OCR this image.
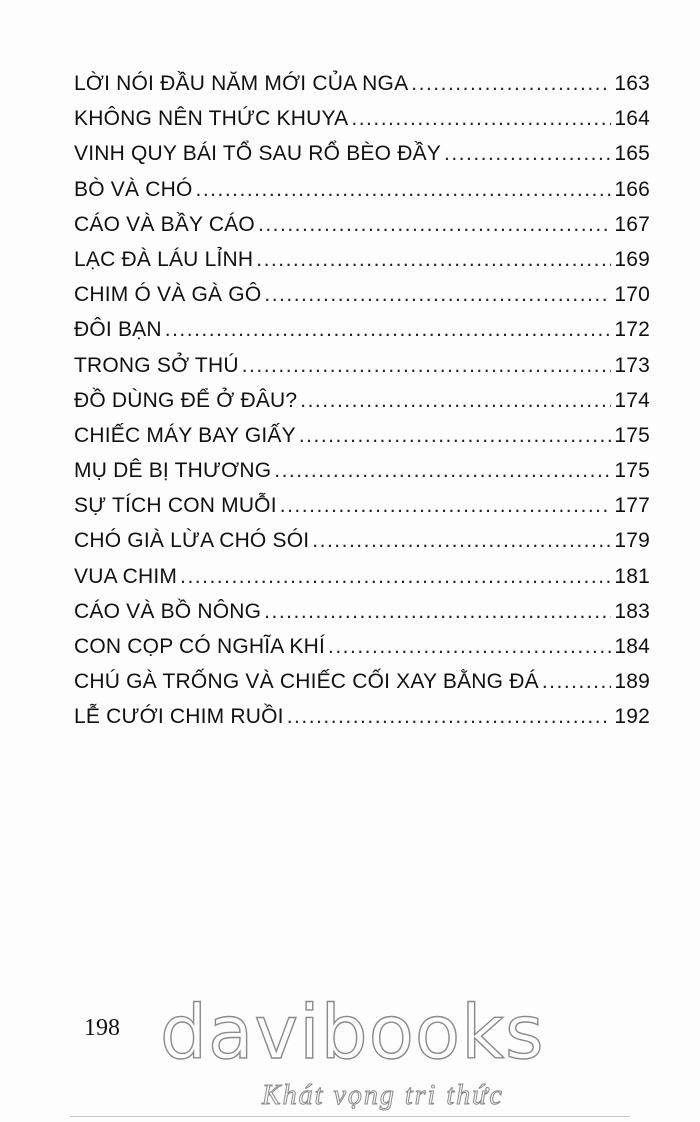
LỜI NÓI ĐẦU NĂM MỚI CỦA NGA .....	163
KHÔNG NÊN THỨC KHUYA .....	164
VINH QUY BÁI TỔ SAU RỔ BÈO ĐẦY .....	165
BÒ VÀ CHÓ .....	166
CÁO VÀ BẦY CÁO .....	167
LẠC ĐÀ LÁU LỈNH .....	169
CHIM Ó VÀ GÀ GÔ .....	170
ĐÔI BẠN .....	172
TRONG SỞ THÚ .....	173
ĐỒ DÙNG ĐỂ Ở ĐÂU? .....	174
CHIẾC MÁY BAY GIẤY .....	175
MỤ DÊ BỊ THƯƠNG .....	175
SỰ TÍCH CON MUỖI .....	177
CHÓ GIÀ LỪA CHÓ SÓI .....	179
VUA CHIM .....	181
CÁO VÀ BỒ NÔNG .....	183
CON CỌP CÓ NGHĨA KHÍ .....	184
CHÚ GÀ TRỐNG VÀ CHIẾC CỐI XAY BẰNG ĐÁ .....	189
LỄ CƯỚI CHIM RUỒI .....	192
198 davibooks
Khát vọng tri thức
